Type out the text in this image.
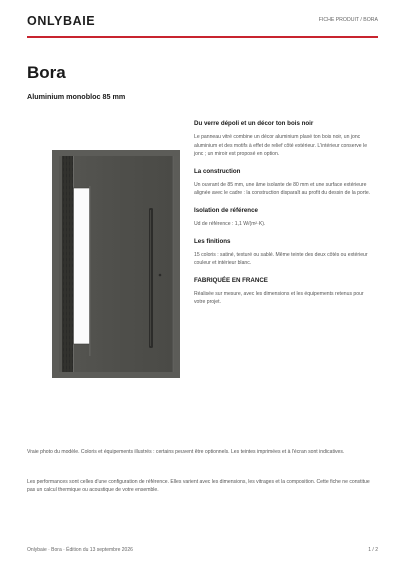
ONLYBAIE	FICHE PRODUIT / BORA
Bora
Aluminium monobloc 85 mm
Du verre dépoli et un décor ton bois noir

Le panneau vitré combine un décor aluminium plaxé ton bois noir, un jonc aluminium et des motifs à effet de relief côté extérieur. L'intérieur conserve le jonc ; un miroir est proposé en option.

La construction

Un ouvrant de 85 mm, une âme isolante de 80 mm et une surface extérieure alignée avec le cadre : la construction disparaît au profit du dessin de la porte.

Isolation de référence

Ud de référence : 1,1 W/(m²·K).

Les finitions

15 coloris : satiné, texturé ou sablé. Même teinte des deux côtés ou extérieur couleur et intérieur blanc.

FABRIQUÉE EN FRANCE

Réalisée sur mesure, avec les dimensions et les équipements retenus pour votre projet.

Vraie photo du modèle. Coloris et équipements illustrés : certains peuvent être optionnels. Les teintes imprimées et à l'écran sont indicatives.

Les performances sont celles d'une configuration de référence. Elles varient avec les dimensions, les vitrages et la composition. Cette fiche ne constitue pas un calcul thermique ou acoustique de votre ensemble.

Onlybaie · Bora · Édition du 13 septembre 2026	1 / 2
